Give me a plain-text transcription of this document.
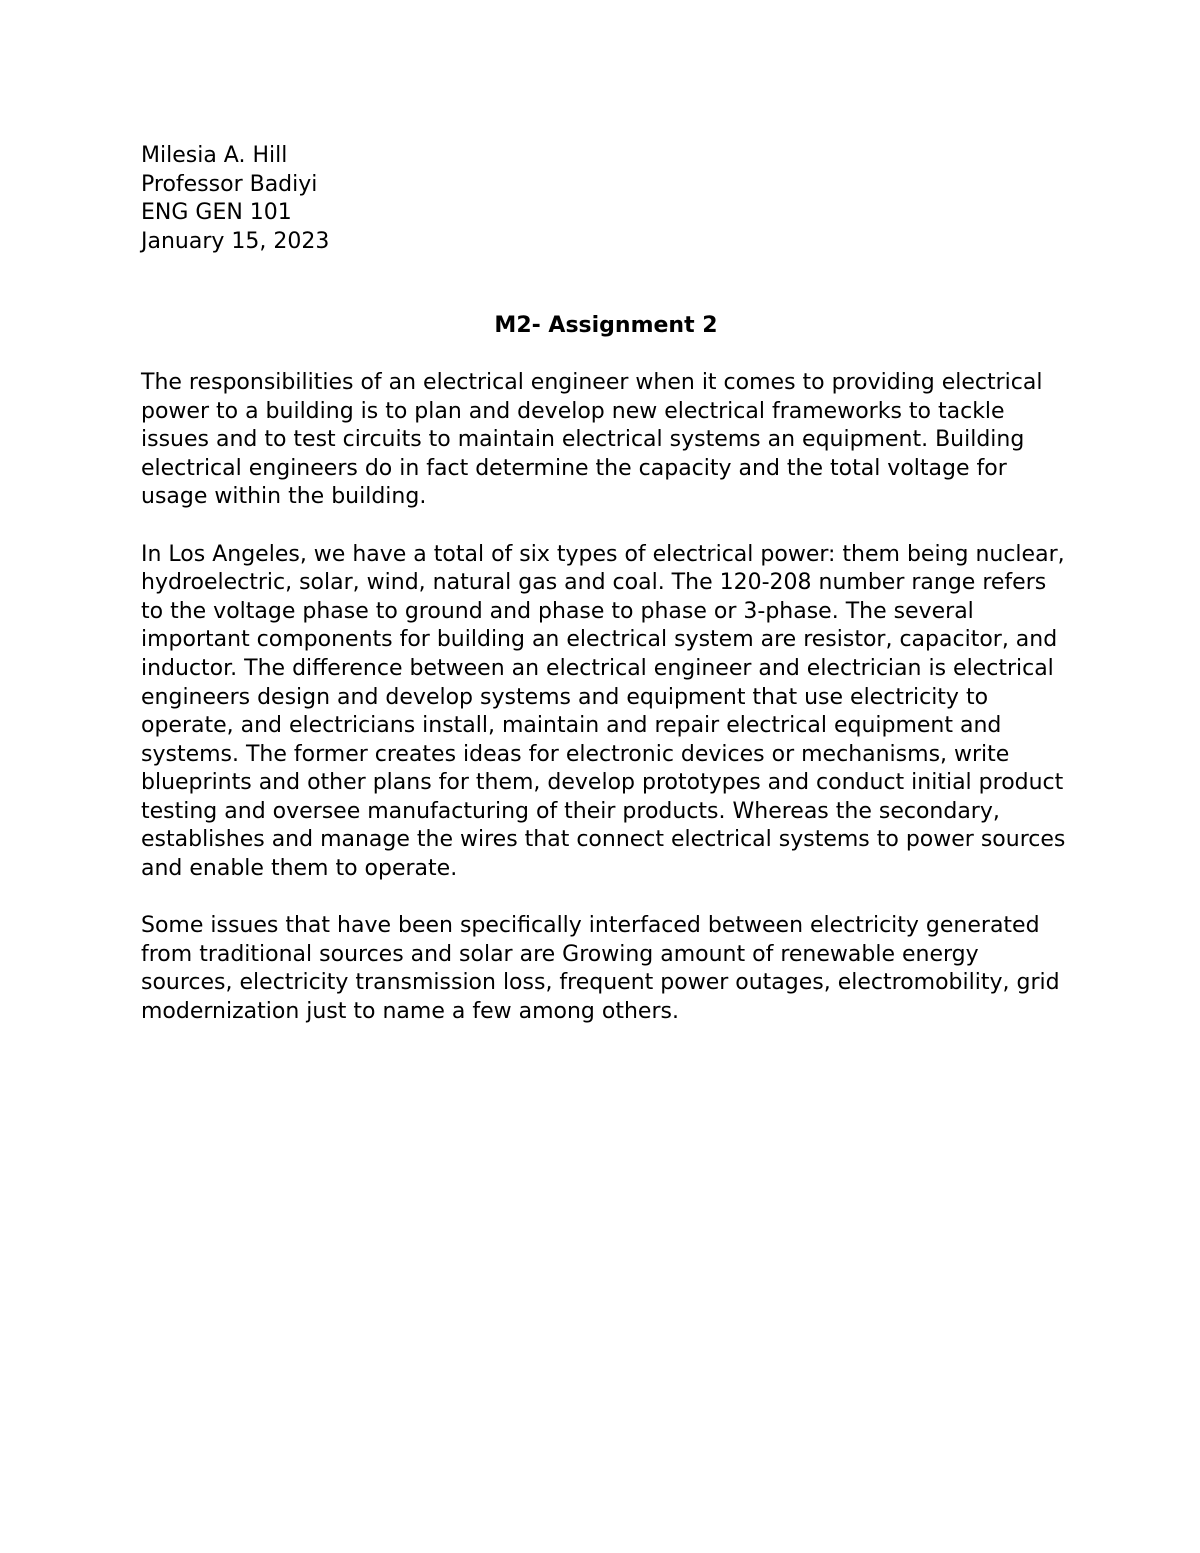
Milesia A. Hill
Professor Badiyi
ENG GEN 101
January 15, 2023
M2- Assignment 2

The responsibilities of an electrical engineer when it comes to providing electrical power to a building is to plan and develop new electrical frameworks to tackle issues and to test circuits to maintain electrical systems an equipment. Building electrical engineers do in fact determine the capacity and the total voltage for usage within the building.

In Los Angeles, we have a total of six types of electrical power: them being nuclear, hydroelectric, solar, wind, natural gas and coal. The 120-208 number range refers to the voltage phase to ground and phase to phase or 3-phase. The several important components for building an electrical system are resistor, capacitor, and inductor. The difference between an electrical engineer and electrician is electrical engineers design and develop systems and equipment that use electricity to operate, and electricians install, maintain and repair electrical equipment and systems. The former creates ideas for electronic devices or mechanisms, write blueprints and other plans for them, develop prototypes and conduct initial product testing and oversee manufacturing of their products. Whereas the secondary, establishes and manage the wires that connect electrical systems to power sources and enable them to operate.

Some issues that have been specifically interfaced between electricity generated from traditional sources and solar are Growing amount of renewable energy sources, electricity transmission loss, frequent power outages, electromobility, grid modernization just to name a few among others.
